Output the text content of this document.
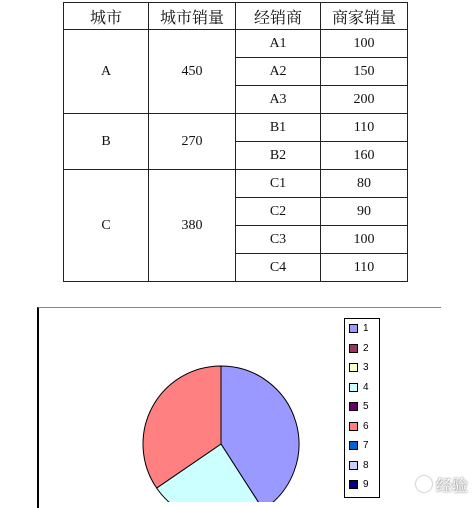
城市	城市销量	经销商	商家销量
A	450	A1	100
		A2	150
		A3	200
B	270	B1	110
		B2	160
C	380	C1	80
		C2	90
		C3	100
		C4	110
1
2
3
4
5
6
7
8
9	经验
